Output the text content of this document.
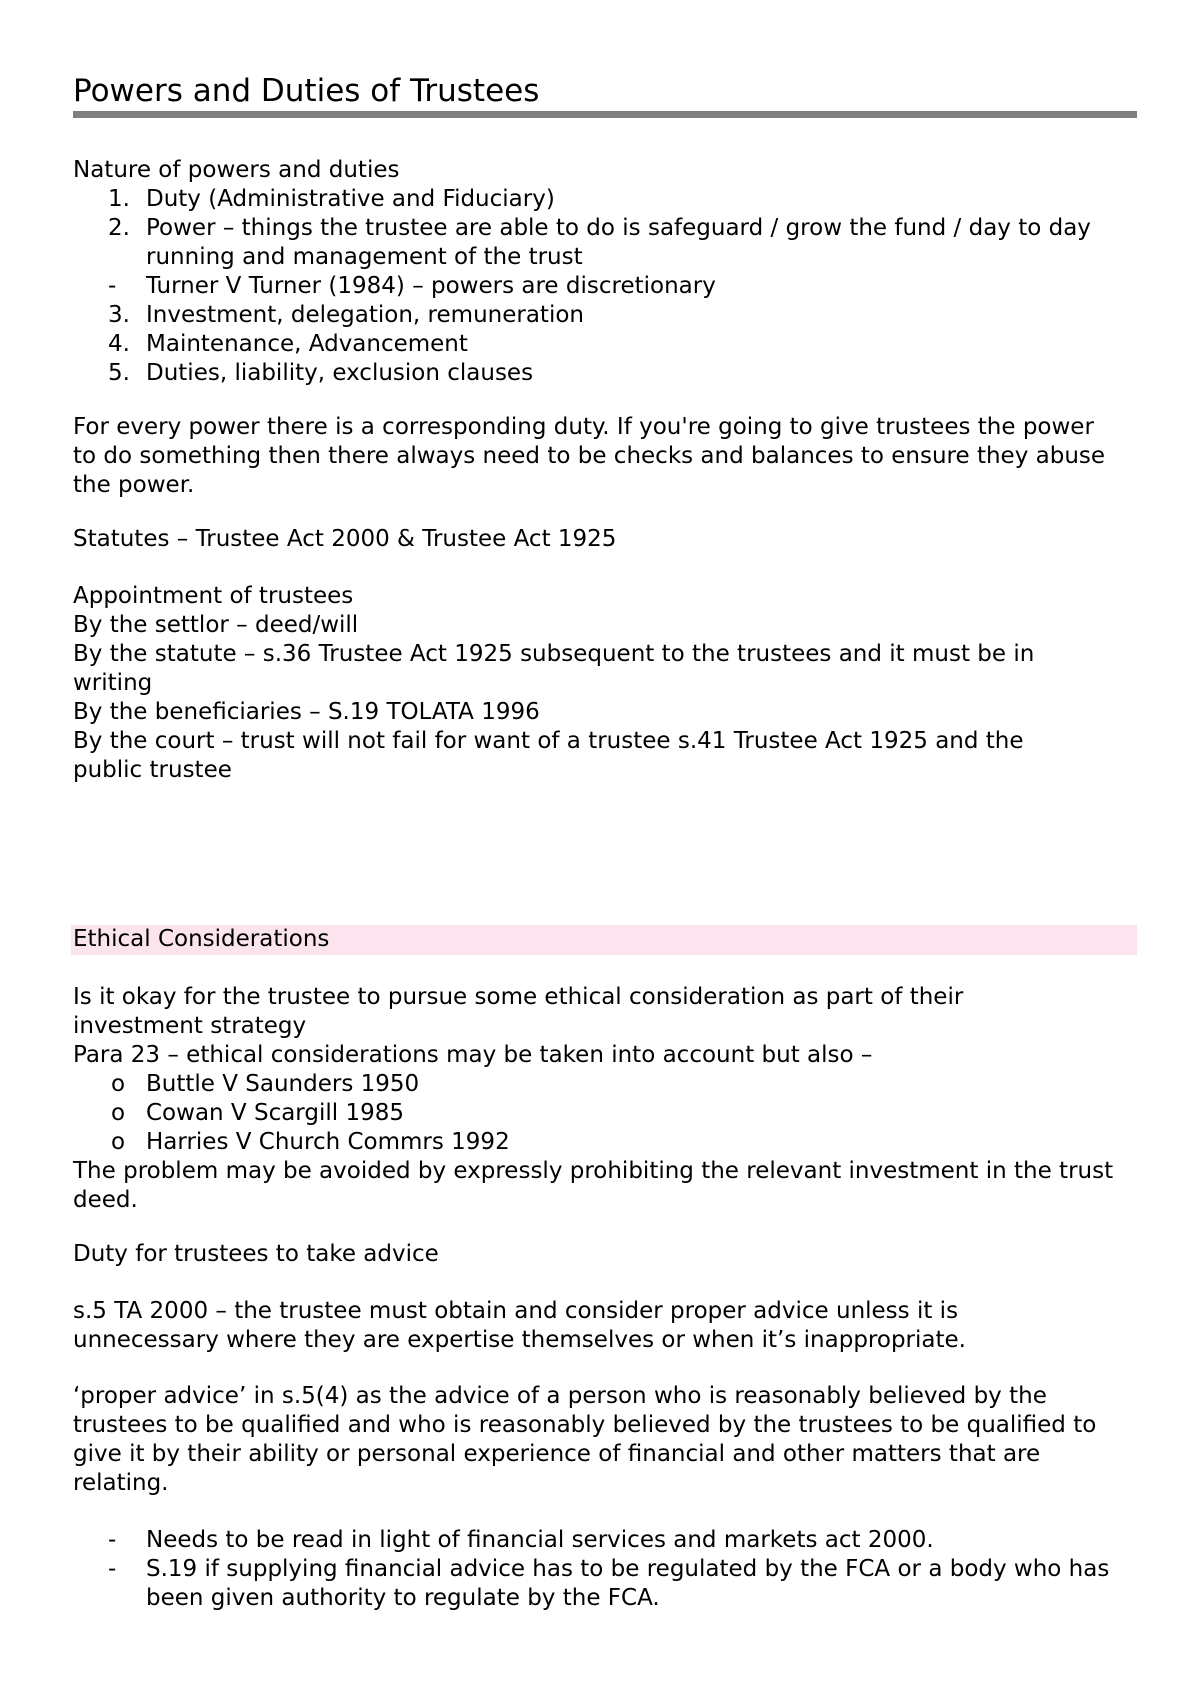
Powers and Duties of Trustees

Nature of powers and duties

1. Duty (Administrative and Fiduciary)
2. Power – things the trustee are able to do is safeguard / grow the fund / day to day running and management of the trust
-	Turner V Turner (1984) – powers are discretionary
3. Investment, delegation, remuneration
4. Maintenance, Advancement
5. Duties, liability, exclusion clauses

For every power there is a corresponding duty. If you're going to give trustees the power to do something then there always need to be checks and balances to ensure they abuse the power.

Statutes – Trustee Act 2000 & Trustee Act 1925

Appointment of trustees

By the settlor – deed/will

By the statute – s.36 Trustee Act 1925 subsequent to the trustees and it must be in writing

By the beneficiaries – S.19 TOLATA 1996

By the court – trust will not fail for want of a trustee s.41 Trustee Act 1925 and the public trustee

Ethical Considerations

Is it okay for the trustee to pursue some ethical consideration as part of their investment strategy

Para 23 – ethical considerations may be taken into account but also –

o Buttle V Saunders 1950
o Cowan V Scargill 1985
o Harries V Church Commrs 1992

The problem may be avoided by expressly prohibiting the relevant investment in the trust deed.

Duty for trustees to take advice

s.5 TA 2000 – the trustee must obtain and consider proper advice unless it is unnecessary where they are expertise themselves or when it’s inappropriate.

‘proper advice’ in s.5(4) as the advice of a person who is reasonably believed by the trustees to be qualified and who is reasonably believed by the trustees to be qualified to give it by their ability or personal experience of financial and other matters that are relating.

-	Needs to be read in light of financial services and markets act 2000.
-	S.19 if supplying financial advice has to be regulated by the FCA or a body who has been given authority to regulate by the FCA.
